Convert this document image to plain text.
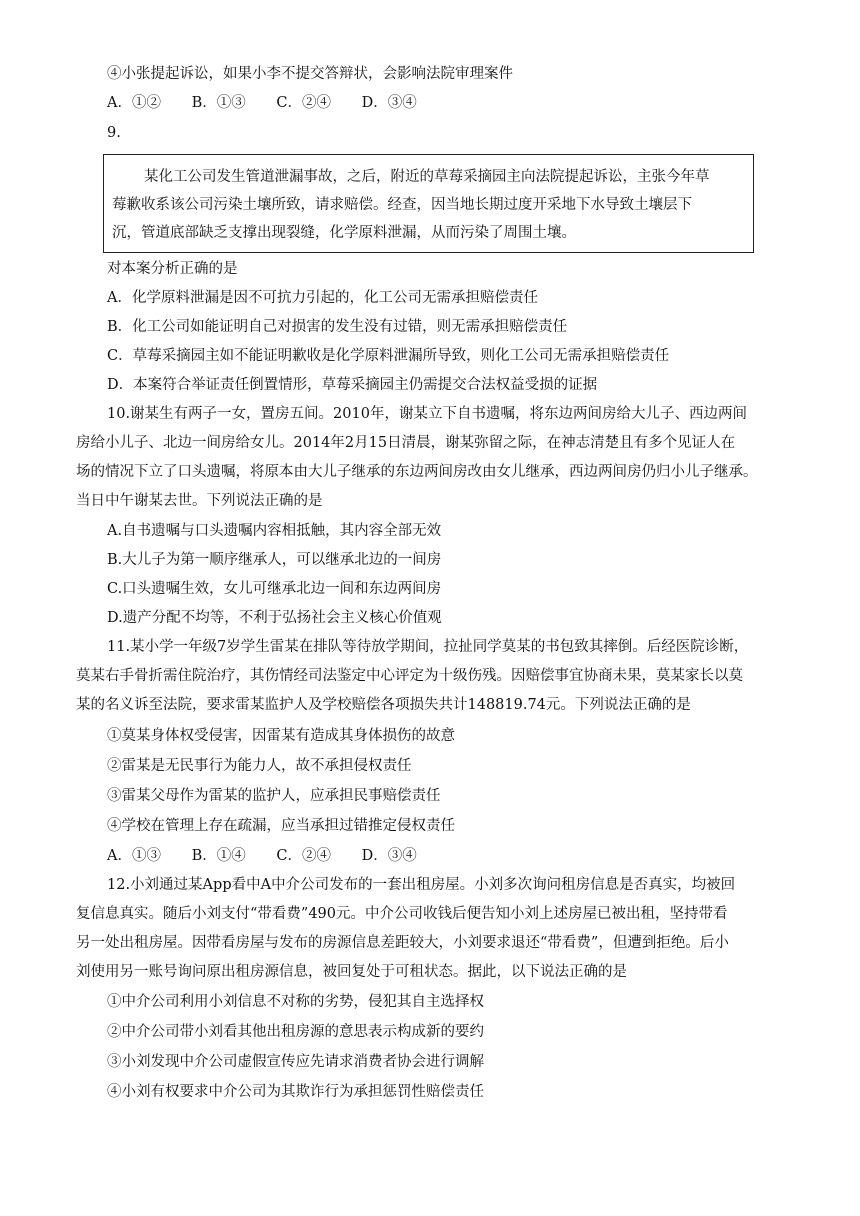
④小张提起诉讼，如果小李不提交答辩状，会影响法院审理案件
A．①② B．①③ C．②④ D．③④
9.
某化工公司发生管道泄漏事故，之后，附近的草莓采摘园主向法院提起诉讼，主张今年草
莓歉收系该公司污染土壤所致，请求赔偿。经查，因当地长期过度开采地下水导致土壤层下
沉，管道底部缺乏支撑出现裂缝，化学原料泄漏，从而污染了周围土壤。
对本案分析正确的是
A．化学原料泄漏是因不可抗力引起的，化工公司无需承担赔偿责任
B．化工公司如能证明自己对损害的发生没有过错，则无需承担赔偿责任
C．草莓采摘园主如不能证明歉收是化学原料泄漏所导致，则化工公司无需承担赔偿责任
D．本案符合举证责任倒置情形，草莓采摘园主仍需提交合法权益受损的证据
10.谢某生有两子一女，置房五间。2010年，谢某立下自书遗嘱，将东边两间房给大儿子、西边两间
房给小儿子、北边一间房给女儿。2014年2月15日清晨，谢某弥留之际，在神志清楚且有多个见证人在
场的情况下立了口头遗嘱，将原本由大儿子继承的东边两间房改由女儿继承，西边两间房仍归小儿子继承。
当日中午谢某去世。下列说法正确的是
A.自书遗嘱与口头遗嘱内容相抵触，其内容全部无效
B.大儿子为第一顺序继承人，可以继承北边的一间房
C.口头遗嘱生效，女儿可继承北边一间和东边两间房
D.遗产分配不均等，不利于弘扬社会主义核心价值观
11.某小学一年级7岁学生雷某在排队等待放学期间，拉扯同学莫某的书包致其摔倒。后经医院诊断，
莫某右手骨折需住院治疗，其伤情经司法鉴定中心评定为十级伤残。因赔偿事宜协商未果，莫某家长以莫
某的名义诉至法院，要求雷某监护人及学校赔偿各项损失共计148819.74元。下列说法正确的是
①莫某身体权受侵害，因雷某有造成其身体损伤的故意
②雷某是无民事行为能力人，故不承担侵权责任
③雷某父母作为雷某的监护人，应承担民事赔偿责任
④学校在管理上存在疏漏，应当承担过错推定侵权责任
A．①③ B．①④ C．②④ D．③④
12.小刘通过某App看中A中介公司发布的一套出租房屋。小刘多次询问租房信息是否真实，均被回
复信息真实。随后小刘支付“带看费”490元。中介公司收钱后便告知小刘上述房屋已被出租，坚持带看
另一处出租房屋。因带看房屋与发布的房源信息差距较大，小刘要求退还“带看费”，但遭到拒绝。后小
刘使用另一账号询问原出租房源信息，被回复处于可租状态。据此，以下说法正确的是
①中介公司利用小刘信息不对称的劣势，侵犯其自主选择权
②中介公司带小刘看其他出租房源的意思表示构成新的要约
③小刘发现中介公司虚假宣传应先请求消费者协会进行调解
④小刘有权要求中介公司为其欺诈行为承担惩罚性赔偿责任
